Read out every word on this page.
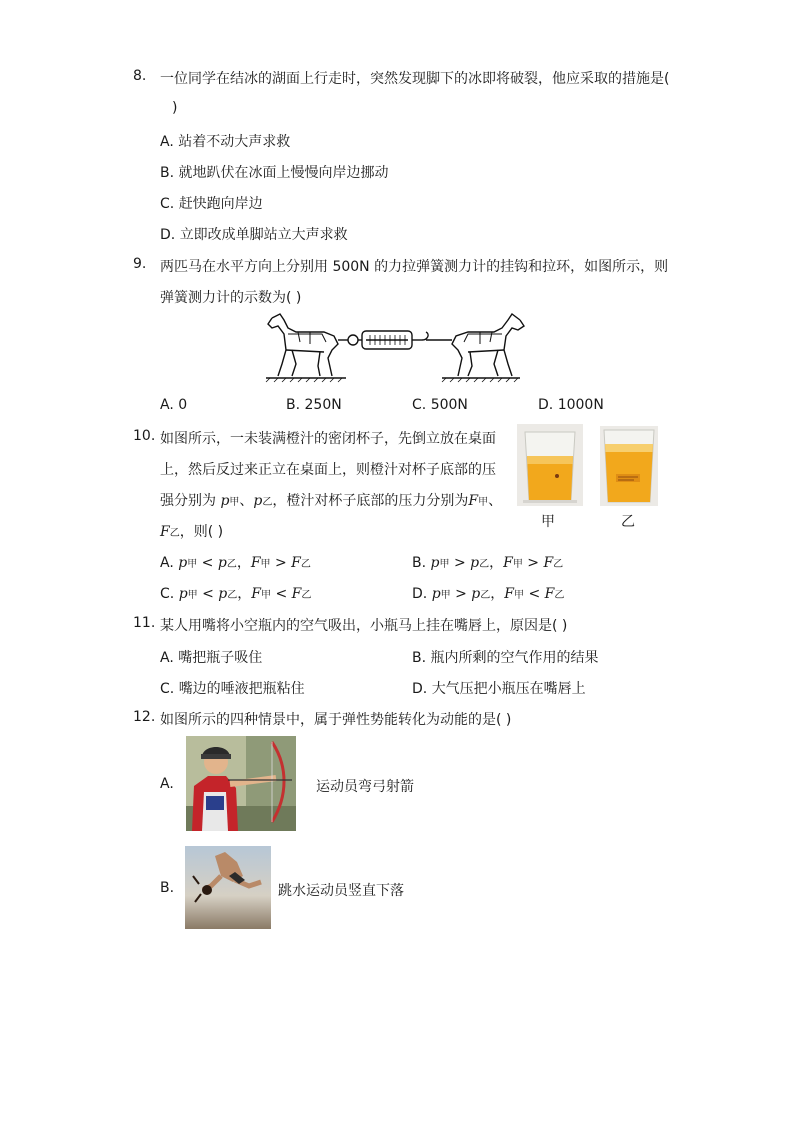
8. 一位同学在结冰的湖面上行走时，突然发现脚下的冰即将破裂，他应采取的措施是(
)
A. 站着不动大声求救
B. 就地趴伏在冰面上慢慢向岸边挪动
C. 赶快跑向岸边
D. 立即改成单脚站立大声求救
9. 两匹马在水平方向上分别用 500N 的力拉弹簧测力计的挂钩和拉环，如图所示，则
弹簧测力计的示数为( )
A. 0	B. 250N	C. 500N	D. 1000N
10. 如图所示，一未装满橙汁的密闭杯子，先倒立放在桌面
上，然后反过来正立在桌面上，则橙汁对杯子底部的压
强分别为 p甲、p乙，橙汁对杯子底部的压力分别为F甲、
F乙，则( )
甲	乙
A. p甲 < p乙，F甲 > F乙	B. p甲 > p乙，F甲 > F乙
C. p甲 < p乙，F甲 < F乙	D. p甲 > p乙，F甲 < F乙
11. 某人用嘴将小空瓶内的空气吸出，小瓶马上挂在嘴唇上，原因是( )
A. 嘴把瓶子吸住	B. 瓶内所剩的空气作用的结果
C. 嘴边的唾液把瓶粘住	D. 大气压把小瓶压在嘴唇上
12. 如图所示的四种情景中，属于弹性势能转化为动能的是( )
A.	运动员弯弓射箭
B.	跳水运动员竖直下落
